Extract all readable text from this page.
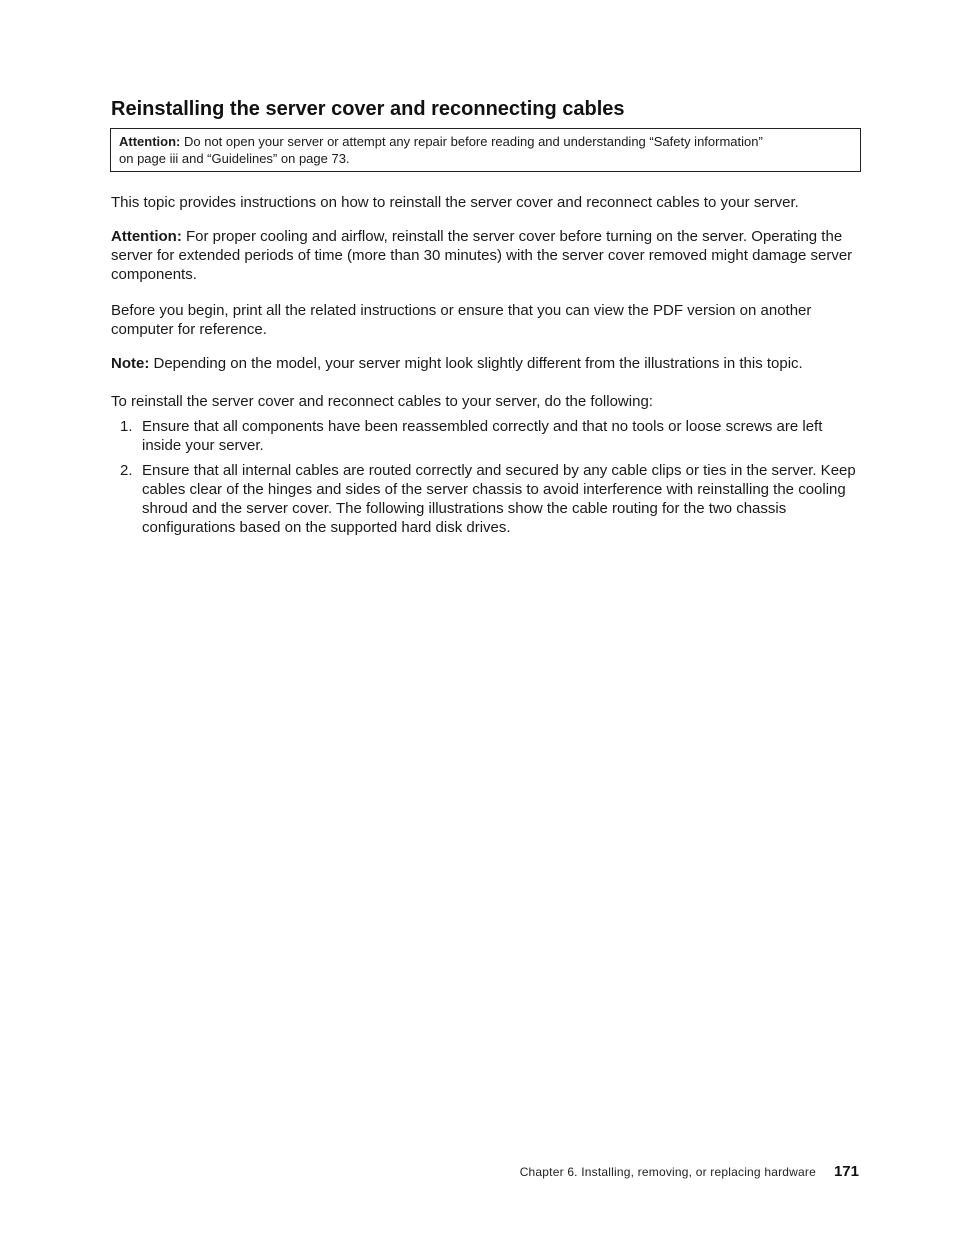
Reinstalling the server cover and reconnecting cables
Attention: Do not open your server or attempt any repair before reading and understanding “Safety information”
on page iii and “Guidelines” on page 73.

This topic provides instructions on how to reinstall the server cover and reconnect cables to your server.

Attention: For proper cooling and airflow, reinstall the server cover before turning on the server. Operating the server for extended periods of time (more than 30 minutes) with the server cover removed might damage server components.

Before you begin, print all the related instructions or ensure that you can view the PDF version on another computer for reference.

Note: Depending on the model, your server might look slightly different from the illustrations in this topic.

To reinstall the server cover and reconnect cables to your server, do the following:

1. Ensure that all components have been reassembled correctly and that no tools or loose screws are left inside your server.
2. Ensure that all internal cables are routed correctly and secured by any cable clips or ties in the server. Keep cables clear of the hinges and sides of the server chassis to avoid interference with reinstalling the cooling shroud and the server cover. The following illustrations show the cable routing for the two chassis configurations based on the supported hard disk drives.
Chapter 6. Installing, removing, or replacing hardware 171
